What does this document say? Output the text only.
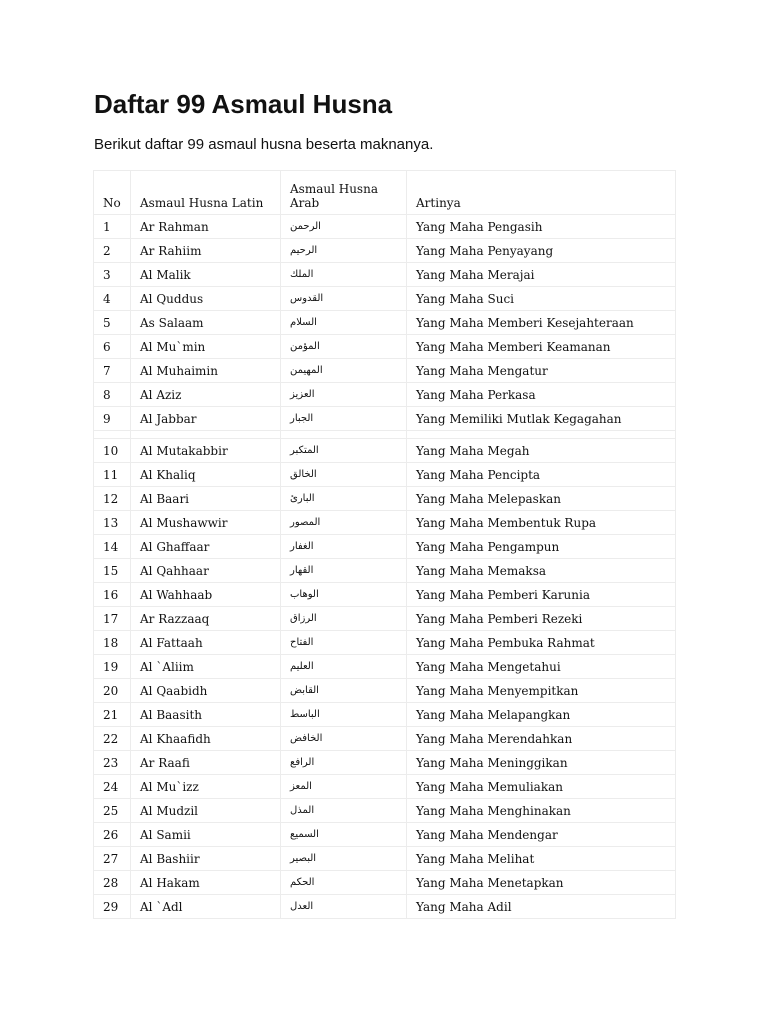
Daftar 99 Asmaul Husna

Berikut daftar 99 asmaul husna beserta maknanya.

No	Asmaul Husna Latin	Asmaul Husna Arab	Artinya
1	Ar Rahman	الرحمن	Yang Maha Pengasih
2	Ar Rahiim	الرحيم	Yang Maha Penyayang
3	Al Malik	الملك	Yang Maha Merajai
4	Al Quddus	القدوس	Yang Maha Suci
5	As Salaam	السلام	Yang Maha Memberi Kesejahteraan
6	Al Mu`min	المؤمن	Yang Maha Memberi Keamanan
7	Al Muhaimin	المهيمن	Yang Maha Mengatur
8	Al Aziz	العزيز	Yang Maha Perkasa
9	Al Jabbar	الجبار	Yang Memiliki Mutlak Kegagahan

10	Al Mutakabbir	المتكبر	Yang Maha Megah
11	Al Khaliq	الخالق	Yang Maha Pencipta
12	Al Baari	البارئ	Yang Maha Melepaskan
13	Al Mushawwir	المصور	Yang Maha Membentuk Rupa
14	Al Ghaffaar	الغفار	Yang Maha Pengampun
15	Al Qahhaar	القهار	Yang Maha Memaksa
16	Al Wahhaab	الوهاب	Yang Maha Pemberi Karunia
17	Ar Razzaaq	الرزاق	Yang Maha Pemberi Rezeki
18	Al Fattaah	الفتاح	Yang Maha Pembuka Rahmat
19	Al `Aliim	العليم	Yang Maha Mengetahui
20	Al Qaabidh	القابض	Yang Maha Menyempitkan
21	Al Baasith	الباسط	Yang Maha Melapangkan
22	Al Khaafidh	الخافض	Yang Maha Merendahkan
23	Ar Raafi	الرافع	Yang Maha Meninggikan
24	Al Mu`izz	المعز	Yang Maha Memuliakan
25	Al Mudzil	المذل	Yang Maha Menghinakan
26	Al Samii	السميع	Yang Maha Mendengar
27	Al Bashiir	البصير	Yang Maha Melihat
28	Al Hakam	الحكم	Yang Maha Menetapkan
29	Al `Adl	العدل	Yang Maha Adil
